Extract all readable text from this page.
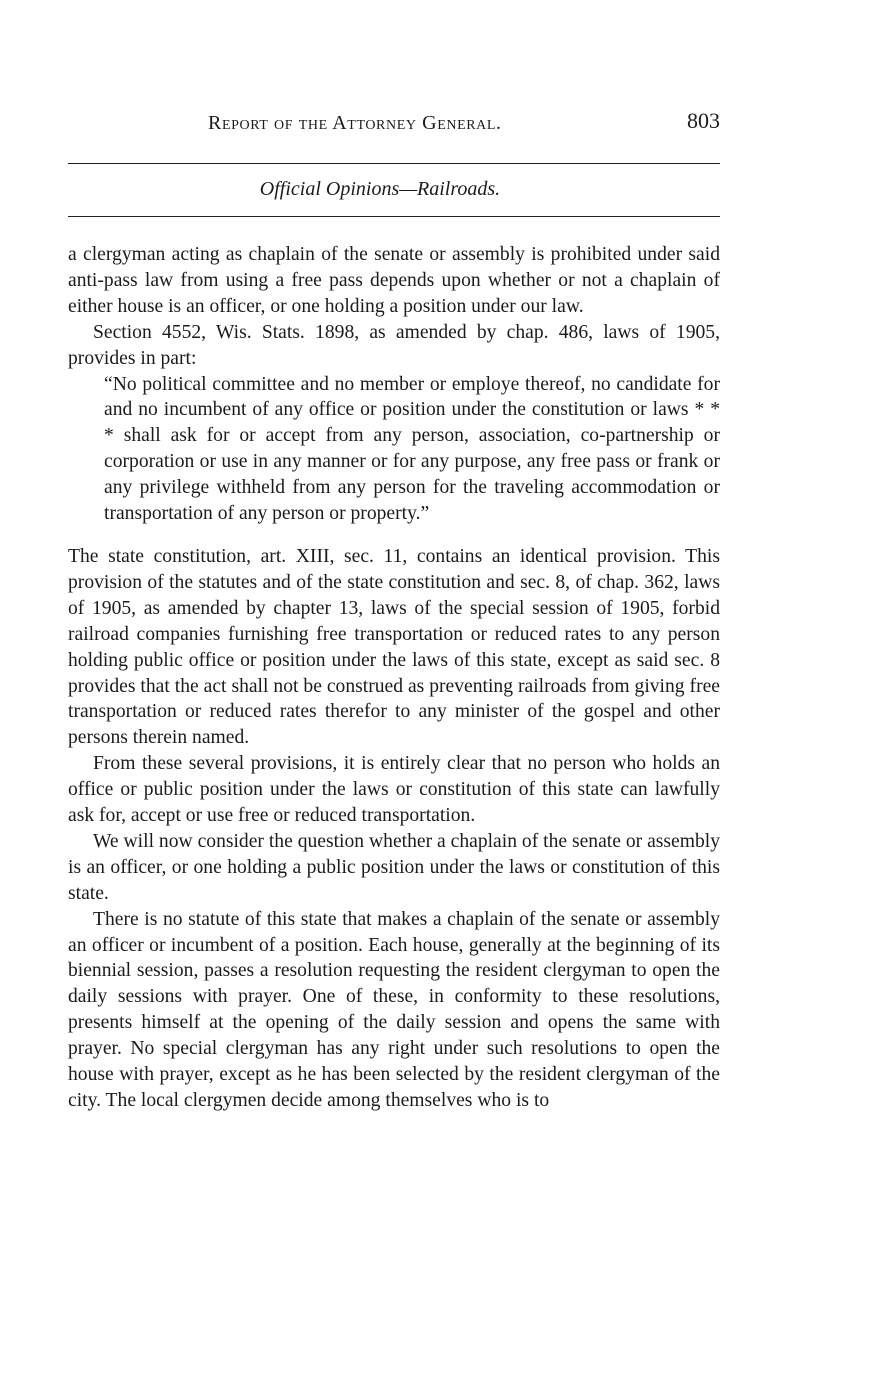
Report of the Attorney General.	803
Official Opinions—Railroads.

a clergyman acting as chaplain of the senate or assembly is prohibited under said anti-pass law from using a free pass depends upon whether or not a chaplain of either house is an officer, or one holding a position under our law.

Section 4552, Wis. Stats. 1898, as amended by chap. 486, laws of 1905, provides in part:

“No political committee and no member or employe thereof, no candidate for and no incumbent of any office or position under the constitution or laws * * * shall ask for or accept from any person, association, co-partnership or corporation or use in any manner or for any purpose, any free pass or frank or any privilege withheld from any person for the traveling accommodation or transportation of any person or property.”

The state constitution, art. XIII, sec. 11, contains an identical provision. This provision of the statutes and of the state constitution and sec. 8, of chap. 362, laws of 1905, as amended by chapter 13, laws of the special session of 1905, forbid railroad companies furnishing free transportation or reduced rates to any person holding public office or position under the laws of this state, except as said sec. 8 provides that the act shall not be construed as preventing railroads from giving free transportation or reduced rates therefor to any minister of the gospel and other persons therein named.

From these several provisions, it is entirely clear that no person who holds an office or public position under the laws or constitution of this state can lawfully ask for, accept or use free or reduced transportation.

We will now consider the question whether a chaplain of the senate or assembly is an officer, or one holding a public position under the laws or constitution of this state.

There is no statute of this state that makes a chaplain of the senate or assembly an officer or incumbent of a position. Each house, generally at the beginning of its biennial session, passes a resolution requesting the resident clergyman to open the daily sessions with prayer. One of these, in conformity to these resolutions, presents himself at the opening of the daily session and opens the same with prayer. No special clergyman has any right under such resolutions to open the house with prayer, except as he has been selected by the resident clergyman of the city. The local clergymen decide among themselves who is to
